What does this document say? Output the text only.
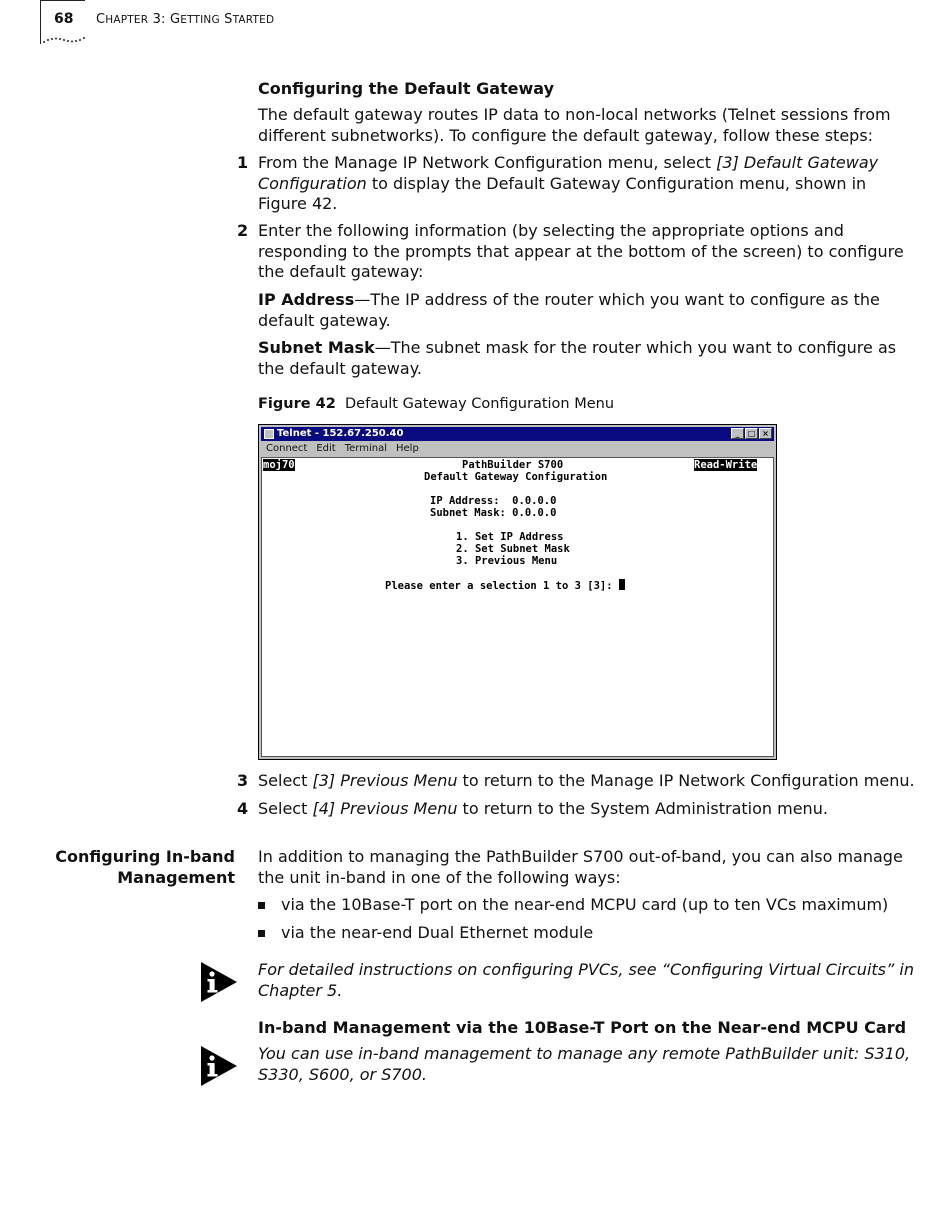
68 CHAPTER 3: GETTING STARTED
Configuring the Default Gateway
The default gateway routes IP data to non-local networks (Telnet sessions from
different subnetworks). To configure the default gateway, follow these steps:
1 From the Manage IP Network Configuration menu, select [3] Default Gateway
Configuration to display the Default Gateway Configuration menu, shown in
Figure 42.
2 Enter the following information (by selecting the appropriate options and
responding to the prompts that appear at the bottom of the screen) to configure
the default gateway:
IP Address—The IP address of the router which you want to configure as the
default gateway.
Subnet Mask—The subnet mask for the router which you want to configure as
the default gateway.
Figure 42 Default Gateway Configuration Menu
Telnet - 152.67.250.40	_	□ ×
Connect Edit Terminal Help
moj70	PathBuilder S700	Read-Write
Default Gateway Configuration
IP Address:  0.0.0.0
Subnet Mask: 0.0.0.0
1. Set IP Address
2. Set Subnet Mask
3. Previous Menu
Please enter a selection 1 to 3 [3]:
3 Select [3] Previous Menu to return to the Manage IP Network Configuration menu.
4 Select [4] Previous Menu to return to the System Administration menu.
Configuring In-band
Management
In addition to managing the PathBuilder S700 out-of-band, you can also manage
the unit in-band in one of the following ways:
via the 10Base-T port on the near-end MCPU card (up to ten VCs maximum)
via the near-end Dual Ethernet module
For detailed instructions on configuring PVCs, see “Configuring Virtual Circuits” in
Chapter 5.
In-band Management via the 10Base-T Port on the Near-end MCPU Card
You can use in-band management to manage any remote PathBuilder unit: S310,
S330, S600, or S700.
